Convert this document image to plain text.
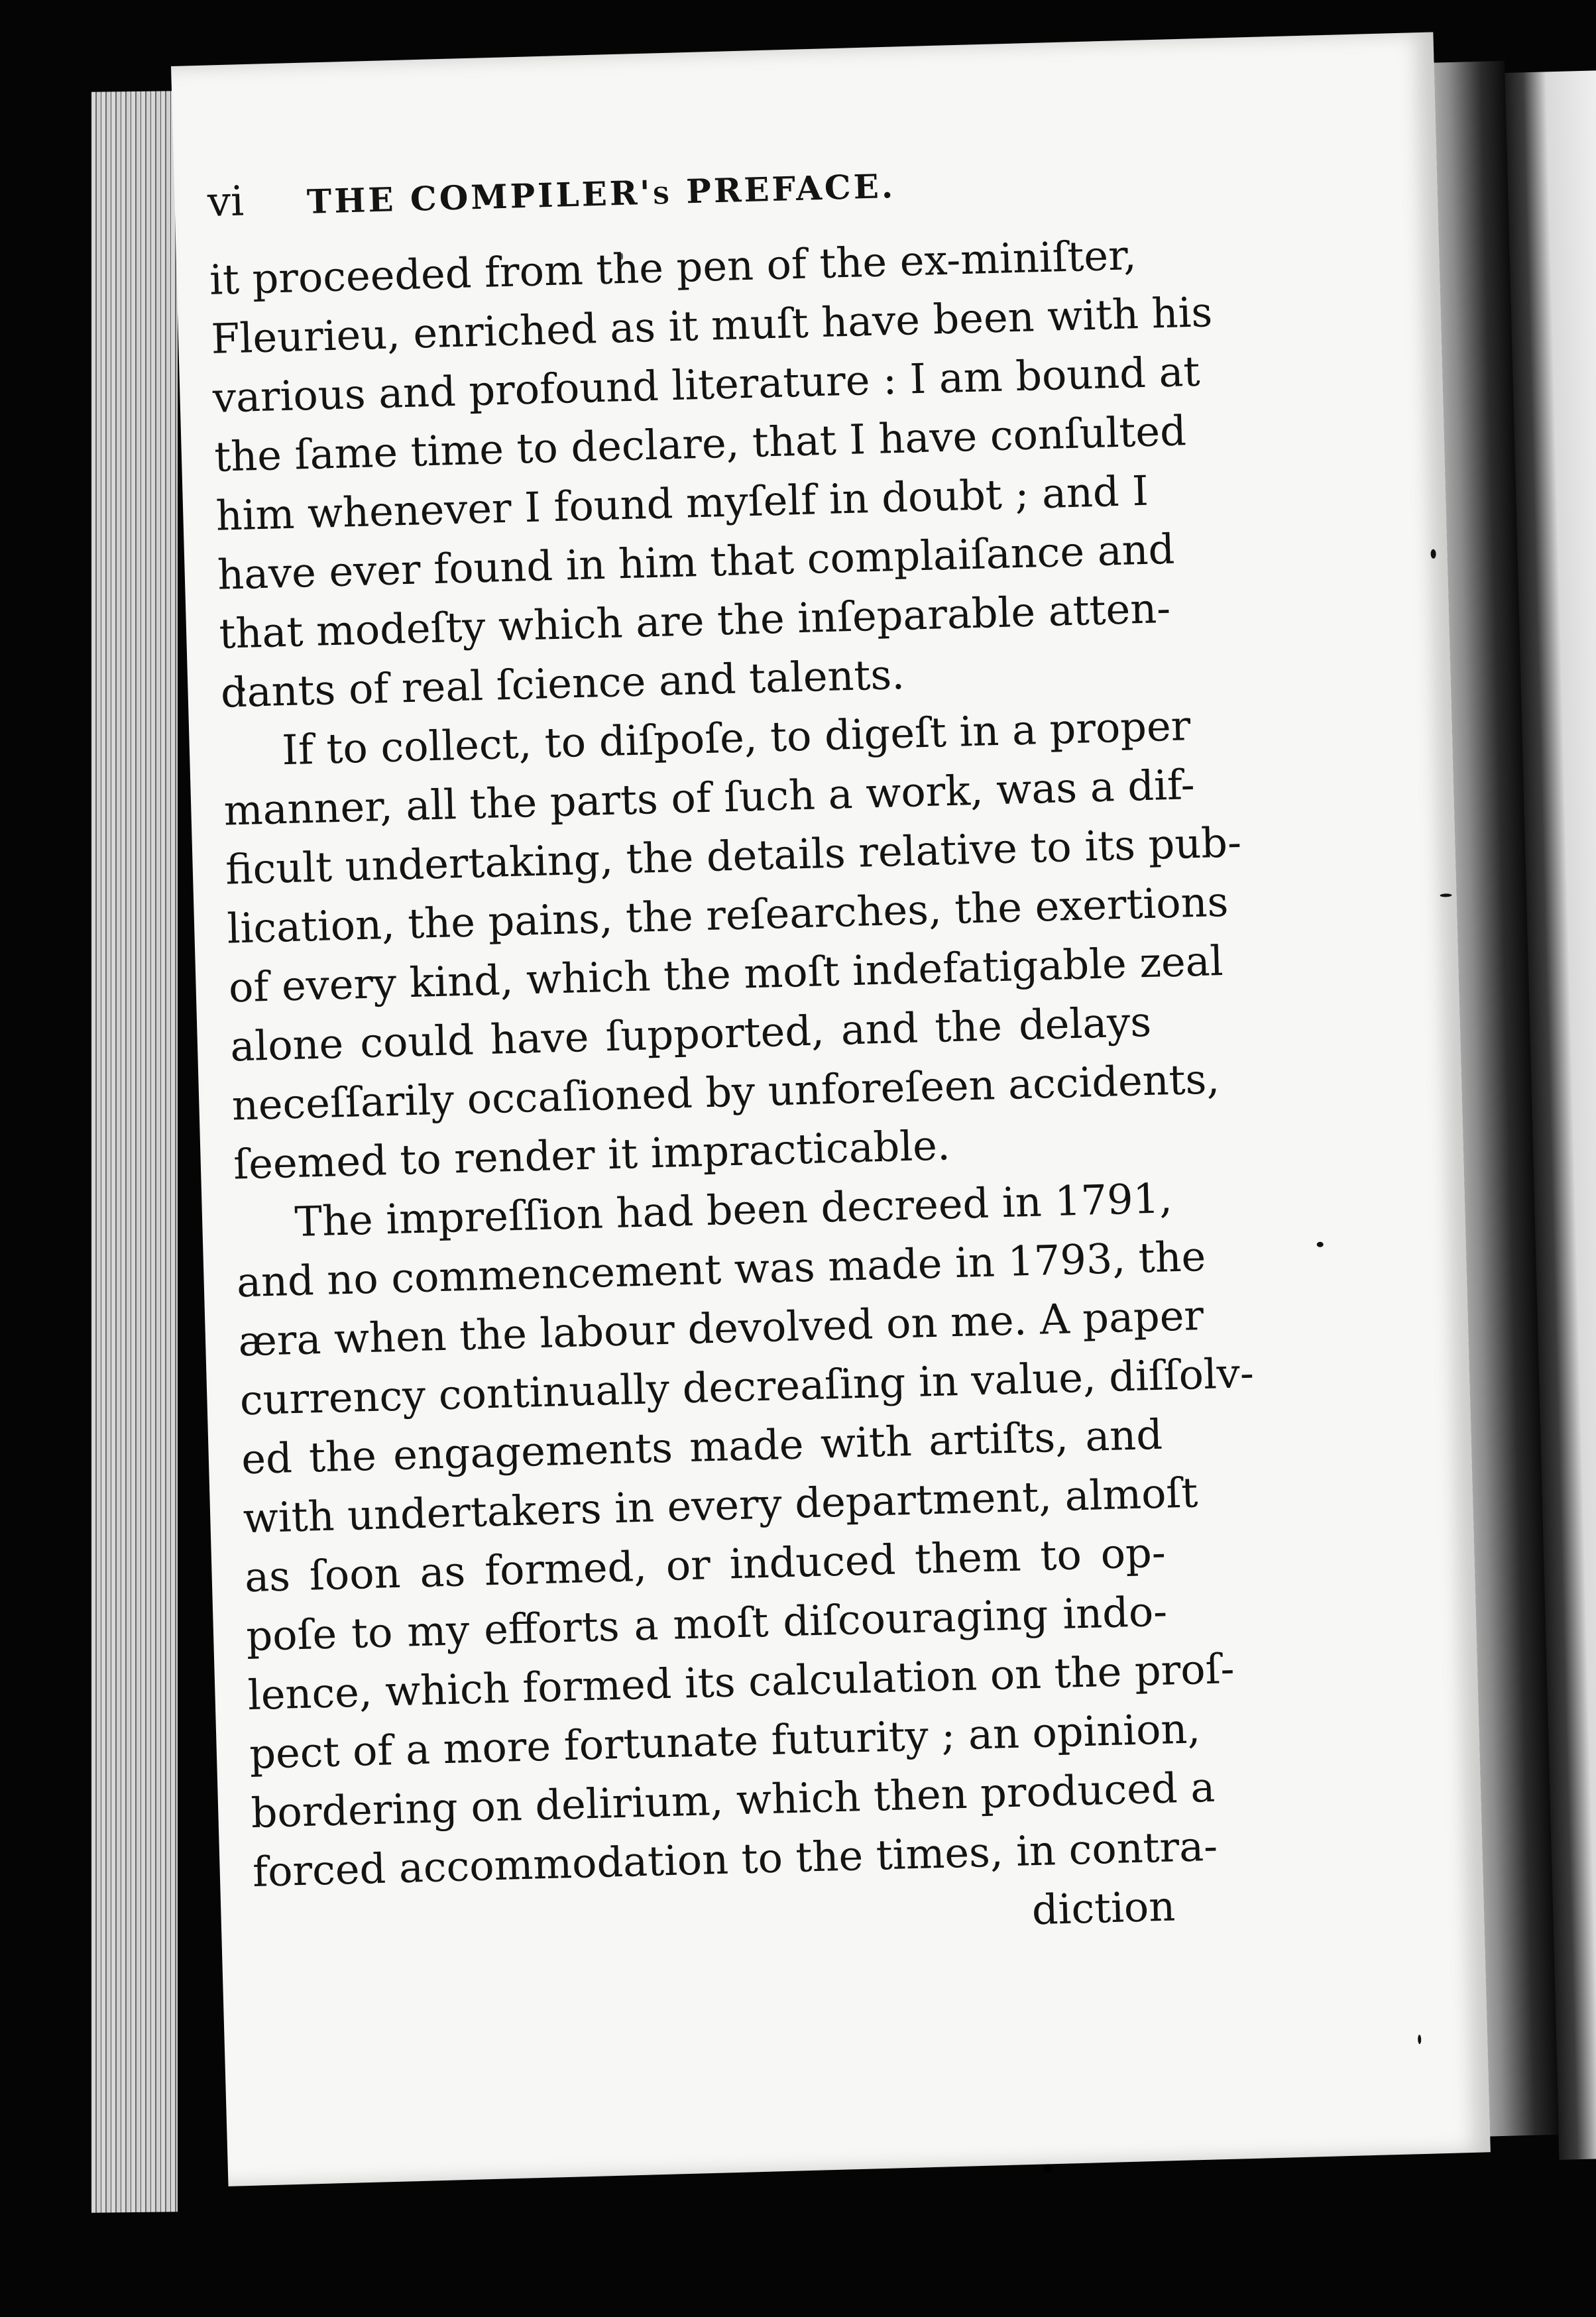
vi	THE COMPILER's PREFACE.
it proceeded from the pen of the ex-miniſter,
Fleurieu, enriched as it muſt have been with his
various and profound literature : I am bound at
the ſame time to declare, that I have conſulted
him whenever I found myſelf in doubt ; and I
have ever found in him that complaiſance and
that modeſty which are the inſeparable atten-
dants of real ſcience and talents.
If to collect, to diſpoſe, to digeſt in a proper
manner, all the parts of ſuch a work, was a dif-
ficult undertaking, the details relative to its pub-
lication, the pains, the reſearches, the exertions
of every kind, which the moſt indefatigable zeal
alone could have ſupported, and the delays
neceſſarily occaſioned by unforeſeen accidents,
ſeemed to render it impracticable.
The impreſſion had been decreed in 1791,
and no commencement was made in 1793, the
æra when the labour devolved on me. A paper
currency continually decreaſing in value, diſſolv-
ed the engagements made with artiſts, and
with undertakers in every department, almoſt
as ſoon as formed, or induced them to op-
poſe to my efforts a moſt diſcouraging indo-
lence, which formed its calculation on the proſ-
pect of a more fortunate futurity ; an opinion,
bordering on delirium, which then produced a
forced accommodation to the times, in contra-
diction
